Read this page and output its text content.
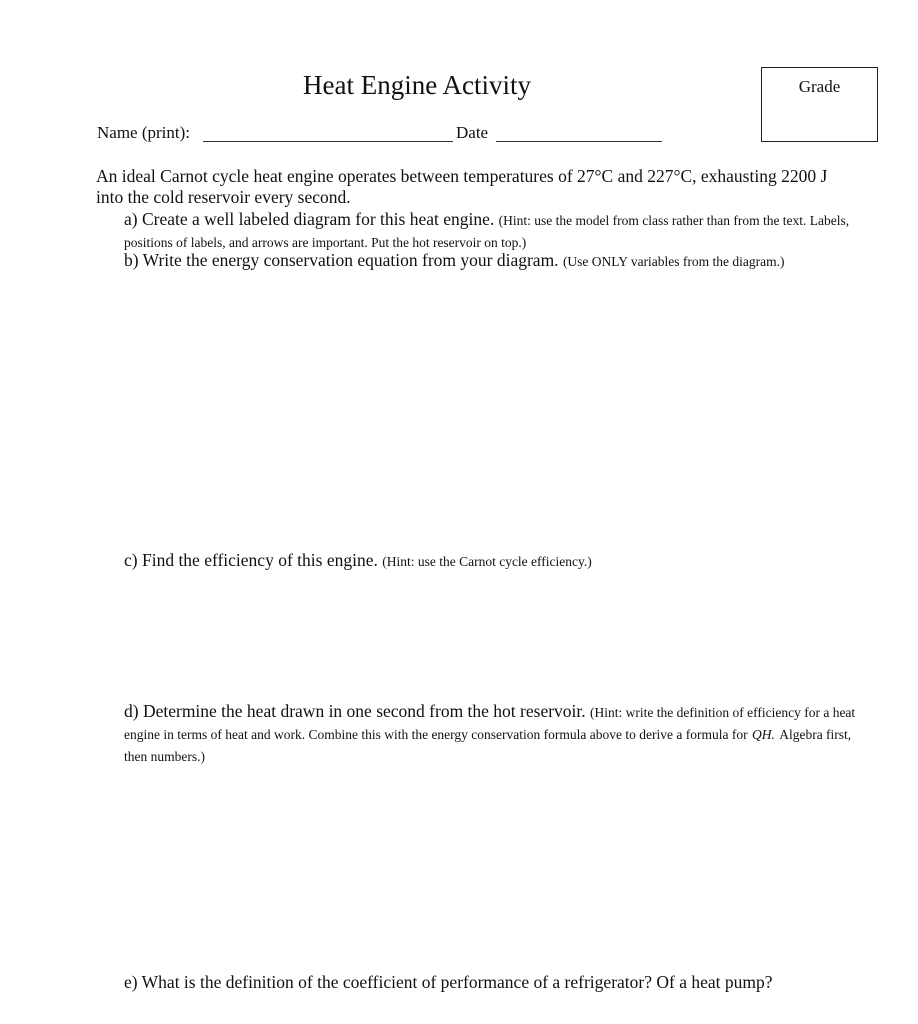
Heat Engine Activity	Grade
Name (print):	Date
An ideal Carnot cycle heat engine operates between temperatures of 27°C and 227°C, exhausting 2200 J into the cold reservoir every second.
a) Create a well labeled diagram for this heat engine. (Hint: use the model from class rather than from the text. Labels, positions of labels, and arrows are important. Put the hot reservoir on top.)
b) Write the energy conservation equation from your diagram. (Use ONLY variables from the diagram.)
c) Find the efficiency of this engine. (Hint: use the Carnot cycle efficiency.)
d) Determine the heat drawn in one second from the hot reservoir. (Hint: write the definition of efficiency for a heat engine in terms of heat and work. Combine this with the energy conservation formula above to derive a formula for QH. Algebra first, then numbers.)
e) What is the definition of the coefficient of performance of a refrigerator? Of a heat pump?
